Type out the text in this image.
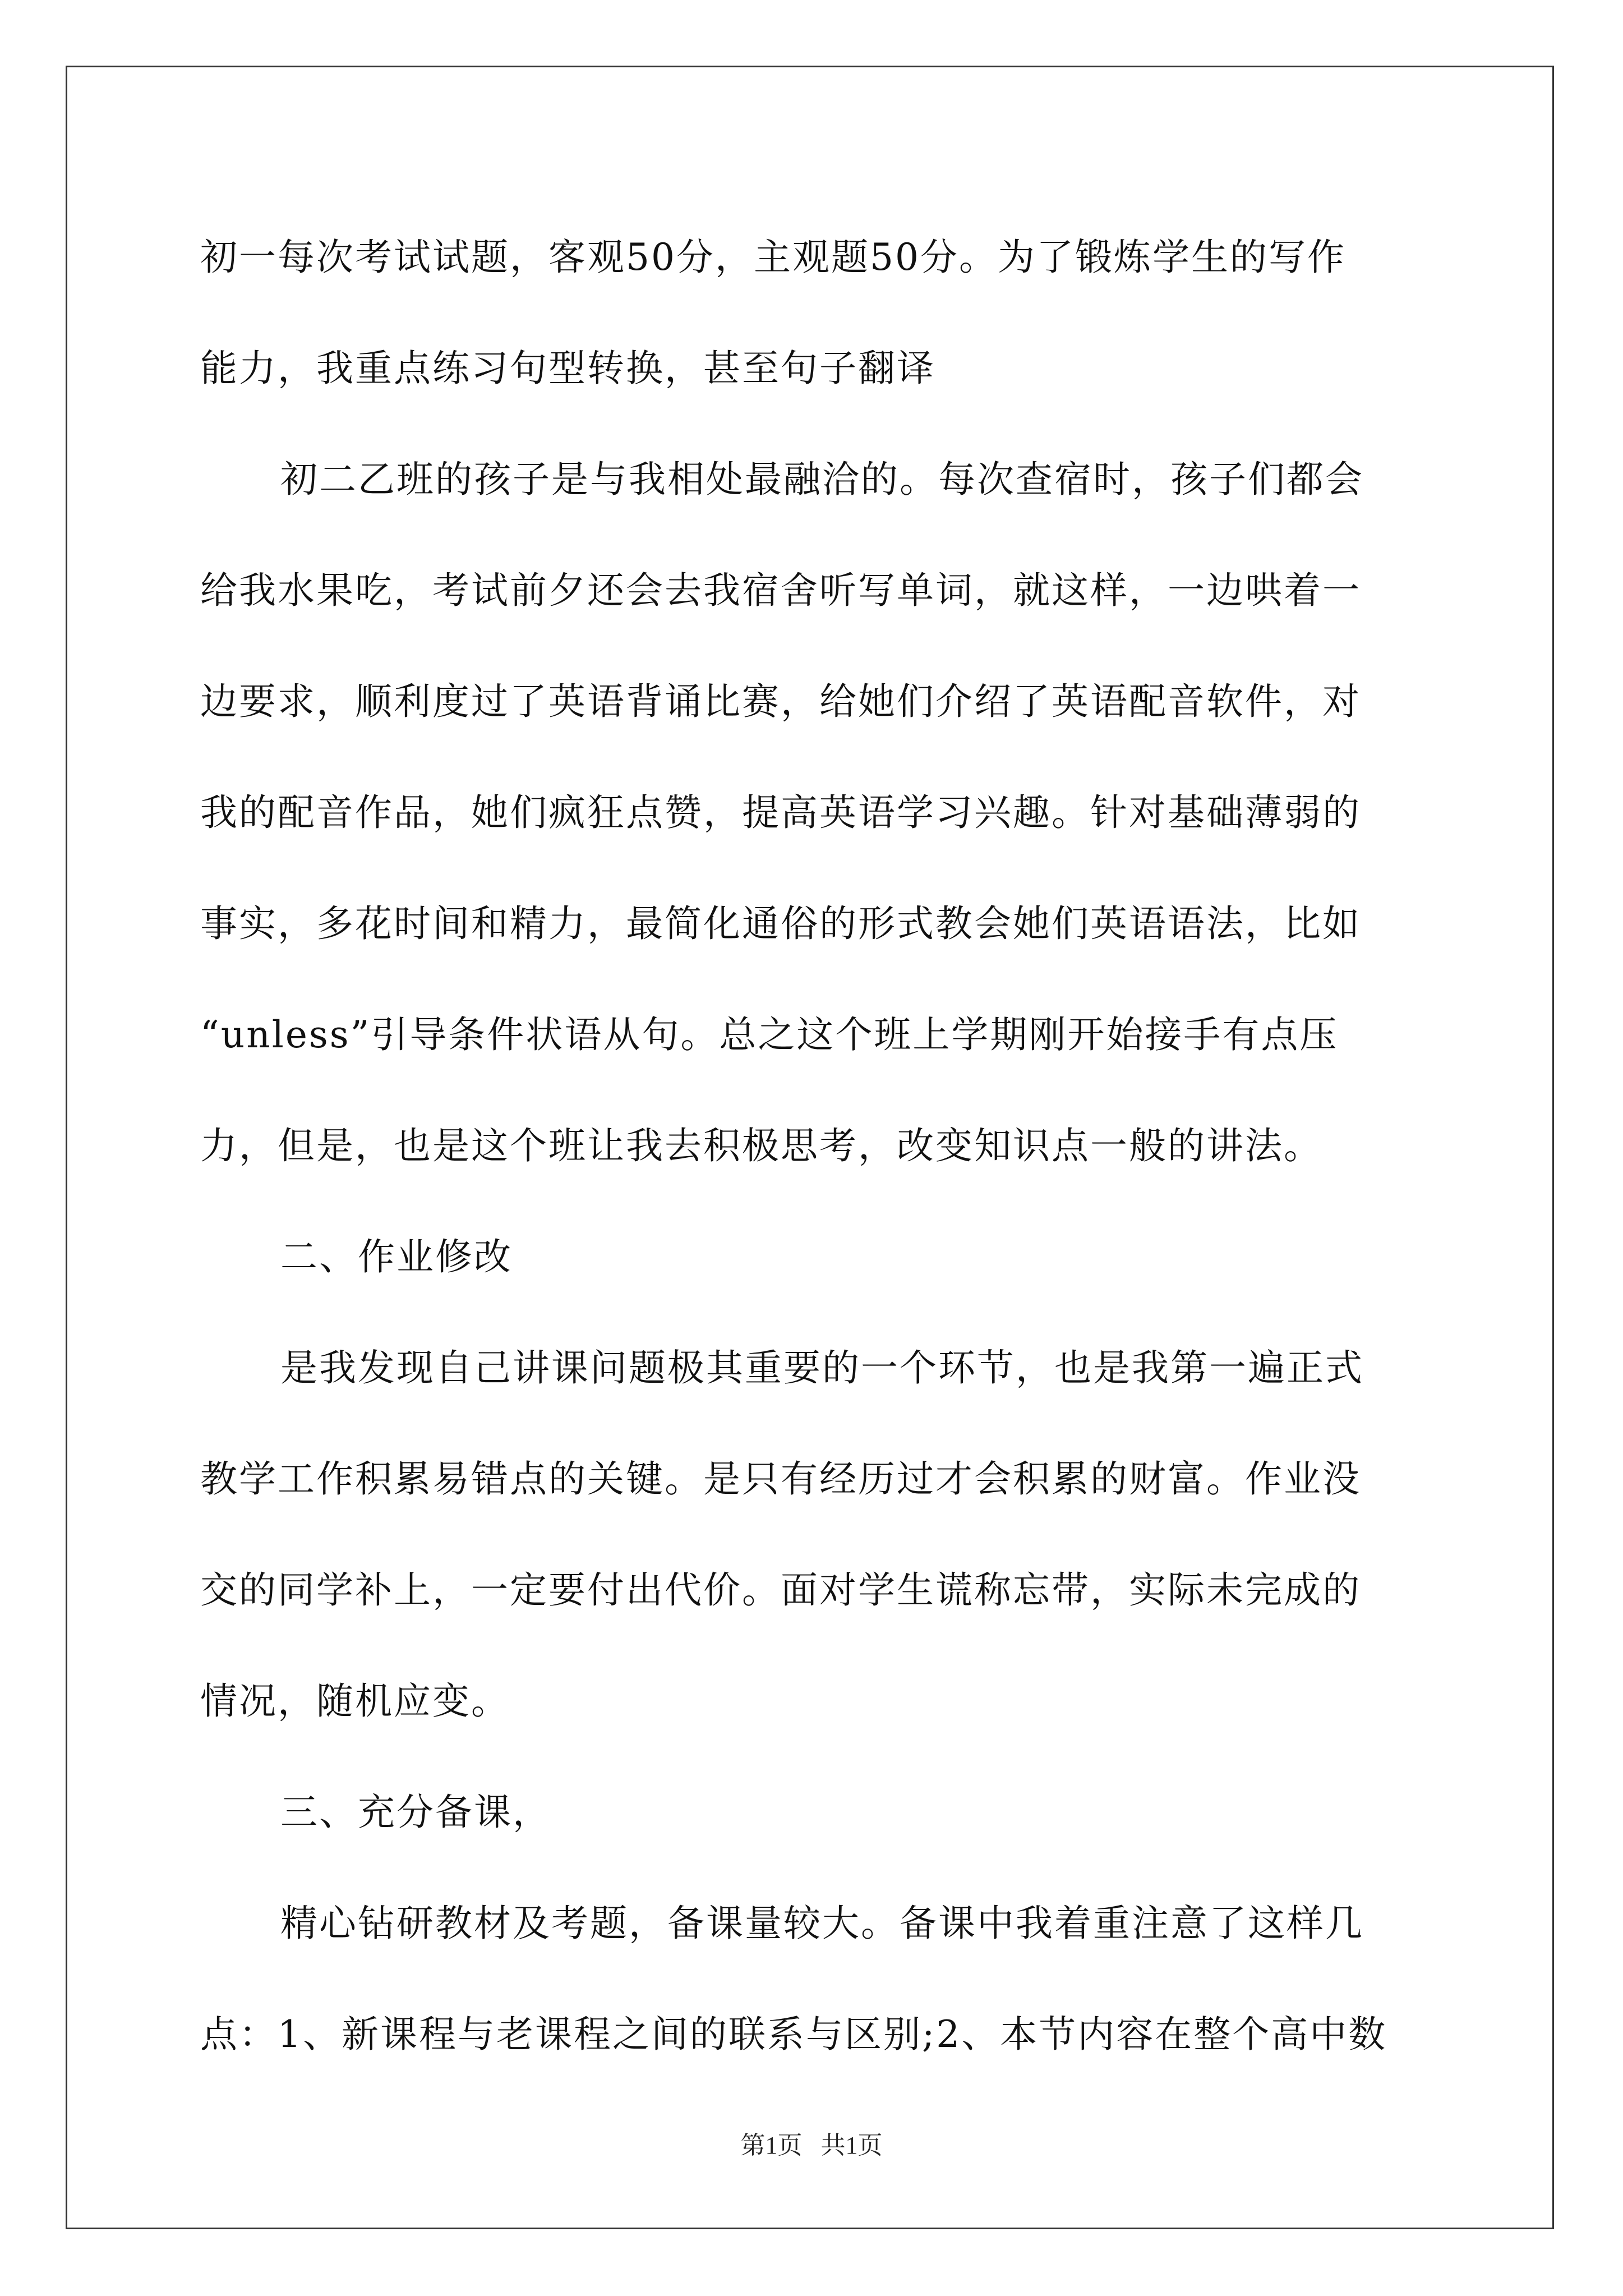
初一每次考试试题，客观50分，主观题50分。为了锻炼学生的写作
能力，我重点练习句型转换，甚至句子翻译
初二乙班的孩子是与我相处最融洽的。每次查宿时，孩子们都会
给我水果吃，考试前夕还会去我宿舍听写单词，就这样，一边哄着一
边要求，顺利度过了英语背诵比赛，给她们介绍了英语配音软件，对
我的配音作品，她们疯狂点赞，提高英语学习兴趣。针对基础薄弱的
事实，多花时间和精力，最简化通俗的形式教会她们英语语法，比如
“unless”引导条件状语从句。总之这个班上学期刚开始接手有点压
力，但是，也是这个班让我去积极思考，改变知识点一般的讲法。
二、作业修改
是我发现自己讲课问题极其重要的一个环节，也是我第一遍正式
教学工作积累易错点的关键。是只有经历过才会积累的财富。作业没
交的同学补上，一定要付出代价。面对学生谎称忘带，实际未完成的
情况，随机应变。
三、充分备课，
精心钻研教材及考题，备课量较大。备课中我着重注意了这样几
点：1、新课程与老课程之间的联系与区别;2、本节内容在整个高中数
第1页   共1页
